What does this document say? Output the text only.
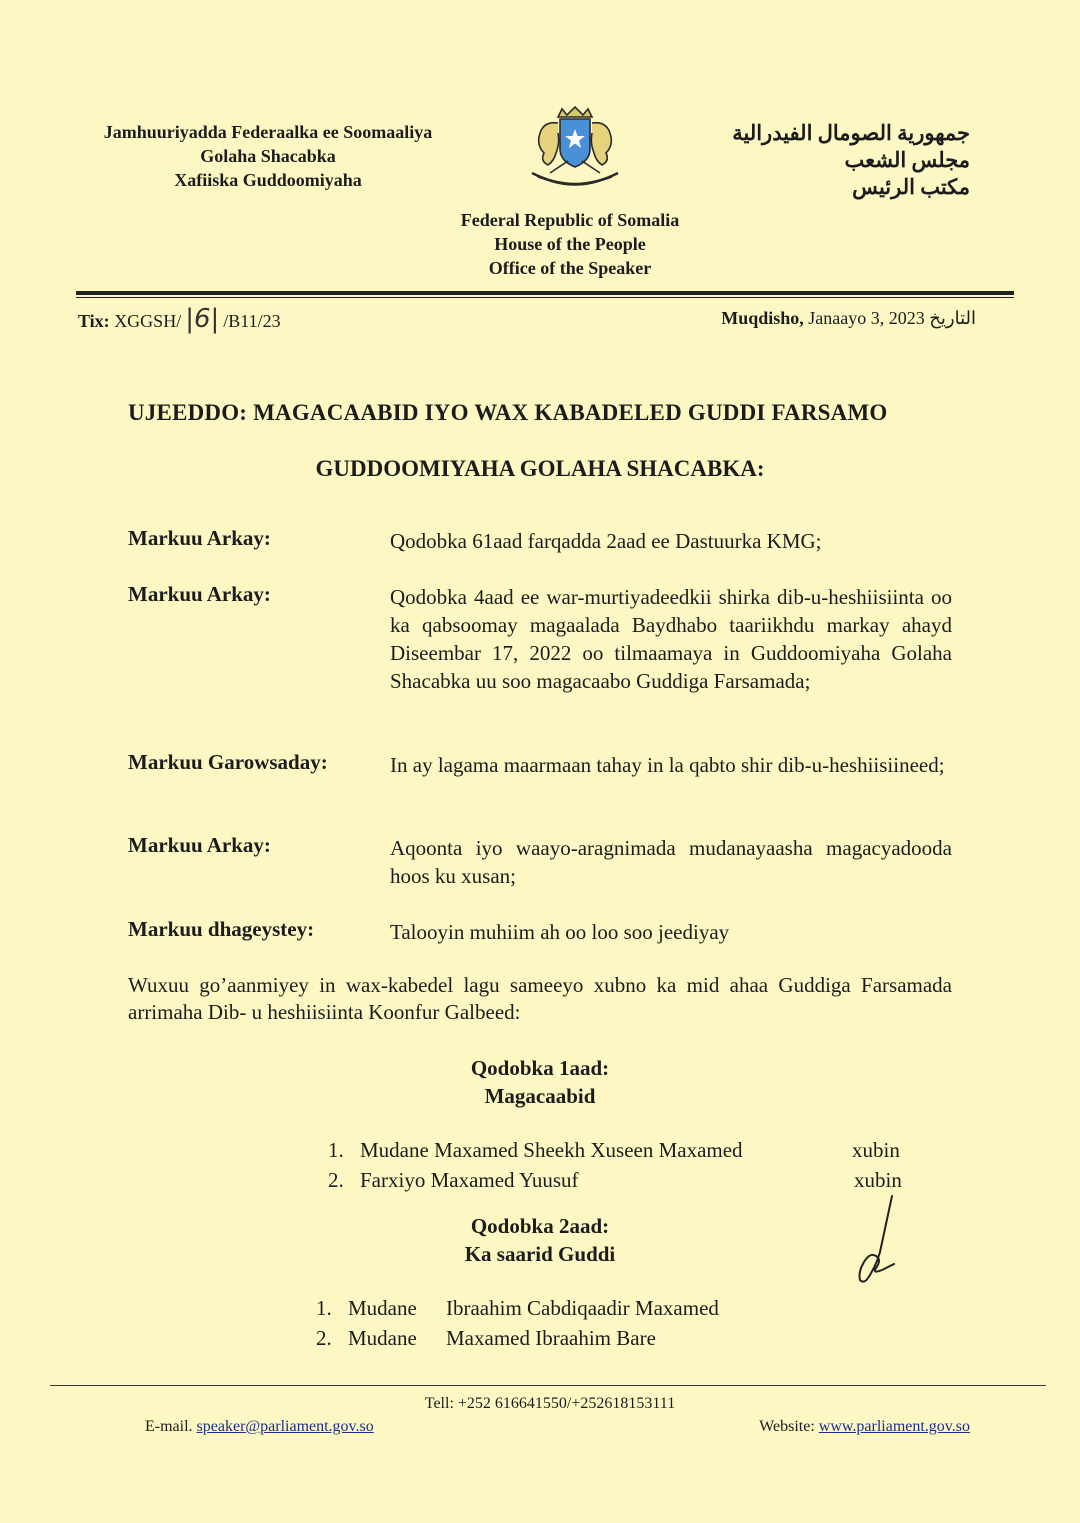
Jamhuuriyadda Federaalka ee Soomaaliya
Golaha Shacabka
Xafiiska Guddoomiyaha
جمهورية الصومال الفيدرالية
مجلس الشعب
مكتب الرئيس
Federal Republic of Somalia
House of the People
Office of the Speaker
Tix: XGGSH/ |6| /B11/23	Muqdisho, Janaayo 3, 2023 التاريخ
UJEEDDO: MAGACAABID IYO WAX KABADELED GUDDI FARSAMO
GUDDOOMIYAHA GOLAHA SHACABKA:
Markuu Arkay:	Qodobka 61aad farqadda 2aad ee Dastuurka KMG;
Markuu Arkay:	Qodobka 4aad ee war-murtiyadeedkii shirka dib-u-heshiisiinta oo ka qabsoomay magaalada Baydhabo taariikhdu markay ahayd Diseembar 17, 2022 oo tilmaamaya in Guddoomiyaha Golaha Shacabka uu soo magacaabo Guddiga Farsamada;
Markuu Garowsaday:	In ay lagama maarmaan tahay in la qabto shir dib-u-heshiisiineed;
Markuu Arkay:	Aqoonta iyo waayo-aragnimada mudanayaasha magacyadooda hoos ku xusan;
Markuu dhageystey:	Talooyin muhiim ah oo loo soo jeediyay
Wuxuu go’aanmiyey in wax-kabedel lagu sameeyo xubno ka mid ahaa Guddiga Farsamada arrimaha Dib- u heshiisiinta Koonfur Galbeed:
Qodobka 1aad:
Magacaabid
1. Mudane Maxamed Sheekh Xuseen Maxamed	xubin
2. Farxiyo Maxamed Yuusuf	xubin
Qodobka 2aad:
Ka saarid Guddi
1. Mudane Ibraahim Cabdiqaadir Maxamed
2. Mudane Maxamed Ibraahim Bare
Tell: +252 616641550/+252618153111
E-mail. speaker@parliament.gov.so	Website: www.parliament.gov.so
